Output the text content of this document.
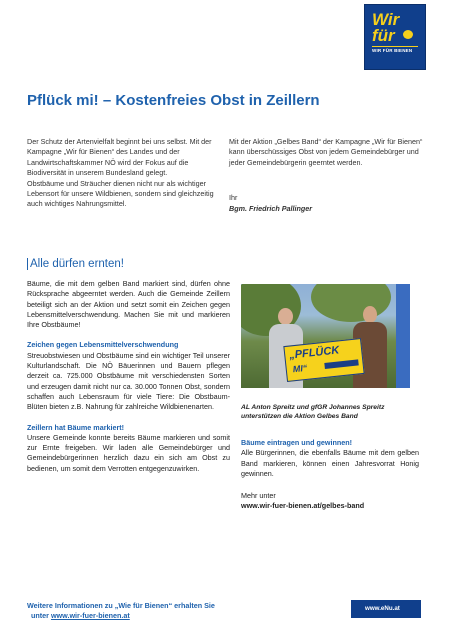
Wir
für
WIR FÜR BIENEN
Pflück mi! – Kostenfreies Obst in Zeillern

Der Schutz der Artenvielfalt beginnt bei uns selbst. Mit der Kampagne „Wir für Bienen“ des Landes und der Landwirtschaftskammer NÖ wird der Fokus auf die Biodiversität in unserem Bundesland gelegt.

Obstbäume und Sträucher dienen nicht nur als wichtiger Lebensort für unsere Wildbienen, sondern sind gleichzeitig auch wichtiges Nahrungsmittel.

Mit der Aktion „Gelbes Band“ der Kampagne „Wir für Bienen“ kann überschüssiges Obst von jedem Gemeindebürger und jeder Gemeindebürgerin geerntet werden.

Ihr
Bgm. Friedrich Pallinger
Alle dürfen ernten!

Bäume, die mit dem gelben Band markiert sind, dürfen ohne Rücksprache abgeerntet werden. Auch die Gemeinde Zeillern beteiligt sich an der Aktion und setzt somit ein Zeichen gegen Lebensmittelverschwendung. Machen Sie mit und markieren Ihre Obstbäume!

Zeichen gegen Lebensmittelverschwendung

Streuobstwiesen und Obstbäume sind ein wichtiger Teil unserer Kulturlandschaft. Die NÖ Bäuerinnen und Bauern pflegen derzeit ca. 725.000 Obstbäume mit verschiedensten Sorten und erzeugen damit nicht nur ca. 30.000 Tonnen Obst, sondern schaffen auch Lebensraum für viele Tiere: Die Obstbaum-Blüten bieten z.B. Nahrung für zahlreiche Wildbienenarten.

Zeillern hat Bäume markiert!

Unsere Gemeinde konnte bereits Bäume markieren und somit zur Ernte freigeben. Wir laden alle Gemeindebürger und Gemeindebürgerinnen herzlich dazu ein sich am Obst zu bedienen, um somit dem Verrotten entgegenzuwirken.

„PFLÜCK
MI“
AL Anton Spreitz und gfGR Johannes Spreitz unterstützen die Aktion Gelbes Band

Bäume eintragen und gewinnen!

Alle Bürgerinnen, die ebenfalls Bäume mit dem gelben Band markieren, können einen Jahresvorrat Honig gewinnen.

Mehr unter

www.wir-fuer-bienen.at/gelbes-band

Weitere Informationen zu „Wie für Bienen“ erhalten Sie
unter www.wir-fuer-bienen.at
www.eNu.at
